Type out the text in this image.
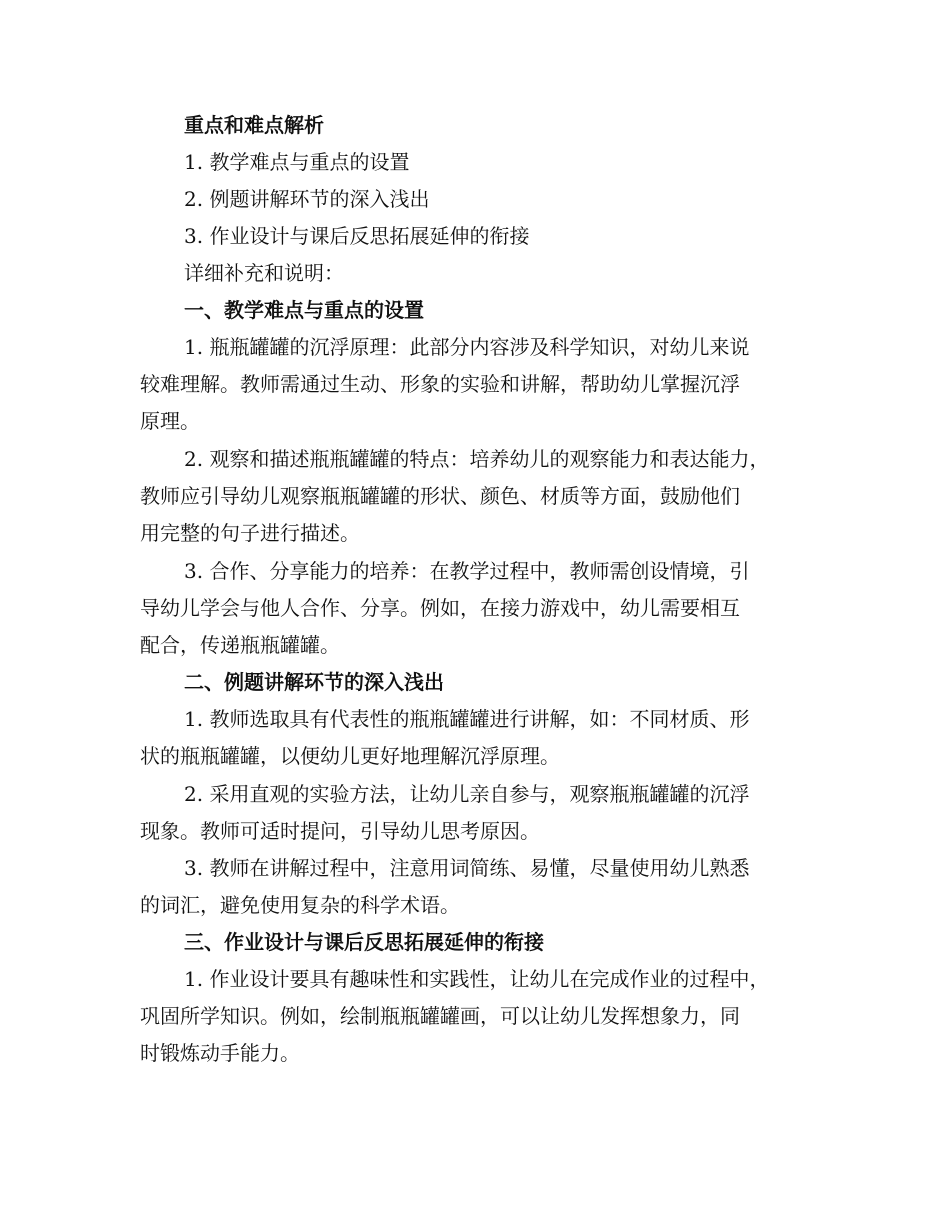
重点和难点解析
1. 教学难点与重点的设置
2. 例题讲解环节的深入浅出
3. 作业设计与课后反思拓展延伸的衔接
详细补充和说明：
一、教学难点与重点的设置
1. 瓶瓶罐罐的沉浮原理：此部分内容涉及科学知识，对幼儿来说
较难理解。教师需通过生动、形象的实验和讲解，帮助幼儿掌握沉浮
原理。
2. 观察和描述瓶瓶罐罐的特点：培养幼儿的观察能力和表达能力，
教师应引导幼儿观察瓶瓶罐罐的形状、颜色、材质等方面，鼓励他们
用完整的句子进行描述。
3. 合作、分享能力的培养：在教学过程中，教师需创设情境，引
导幼儿学会与他人合作、分享。例如，在接力游戏中，幼儿需要相互
配合，传递瓶瓶罐罐。
二、例题讲解环节的深入浅出
1. 教师选取具有代表性的瓶瓶罐罐进行讲解，如：不同材质、形
状的瓶瓶罐罐，以便幼儿更好地理解沉浮原理。
2. 采用直观的实验方法，让幼儿亲自参与，观察瓶瓶罐罐的沉浮
现象。教师可适时提问，引导幼儿思考原因。
3. 教师在讲解过程中，注意用词简练、易懂，尽量使用幼儿熟悉
的词汇，避免使用复杂的科学术语。
三、作业设计与课后反思拓展延伸的衔接
1. 作业设计要具有趣味性和实践性，让幼儿在完成作业的过程中，
巩固所学知识。例如，绘制瓶瓶罐罐画，可以让幼儿发挥想象力，同
时锻炼动手能力。
